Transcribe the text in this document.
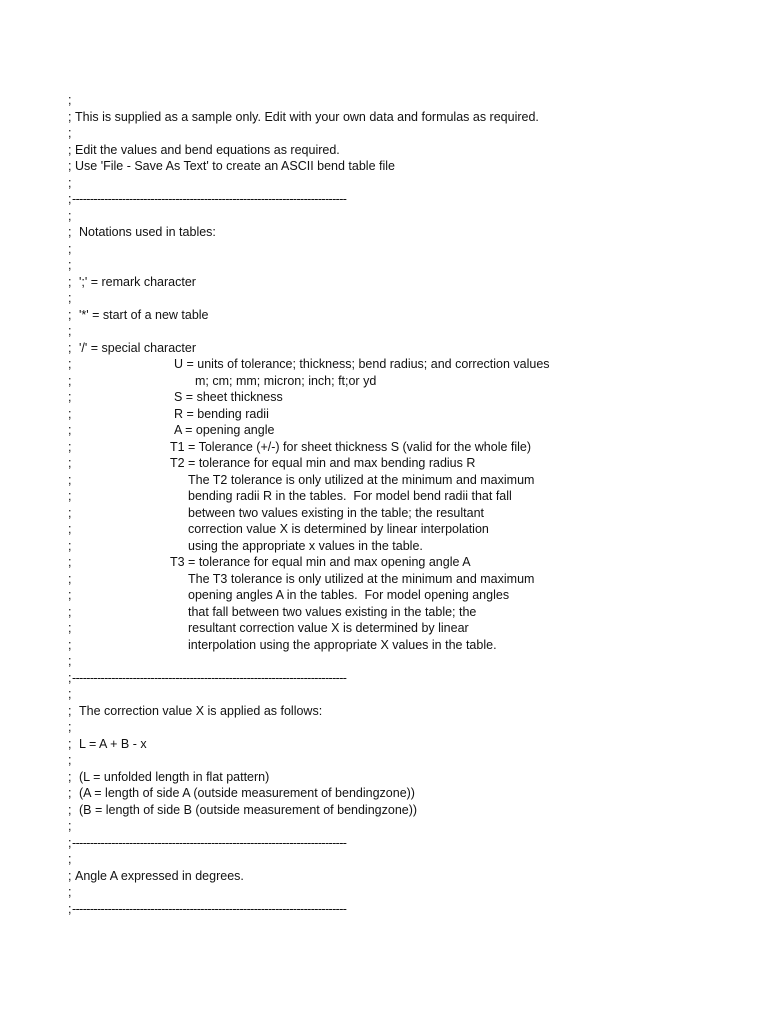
;
; This is supplied as a sample only. Edit with your own data and formulas as required.
;
; Edit the values and bend equations as required.
; Use 'File - Save As Text' to create an ASCII bend table file
;
; -----------------------------------------------------------------------------
;
; Notations used in tables:
;
;
; ';' = remark character
;
; '*' = start of a new table
;
; '/' = special character
;	U = units of tolerance; thickness; bend radius; and correction values
;	m; cm; mm; micron; inch; ft;or yd
;	S = sheet thickness
;	R = bending radii
;	A = opening angle
;	T1 = Tolerance (+/-) for sheet thickness S (valid for the whole file)
;	T2 = tolerance for equal min and max bending radius R
;	The T2 tolerance is only utilized at the minimum and maximum
;	bending radii R in the tables.  For model bend radii that fall
;	between two values existing in the table; the resultant
;	correction value X is determined by linear interpolation
;	using the appropriate x values in the table.
;	T3 = tolerance for equal min and max opening angle A
;	The T3 tolerance is only utilized at the minimum and maximum
;	opening angles A in the tables.  For model opening angles
;	that fall between two values existing in the table; the
;	resultant correction value X is determined by linear
;	interpolation using the appropriate X values in the table.
;
; -----------------------------------------------------------------------------
;
; The correction value X is applied as follows:
;
; L = A + B - x
;
; (L = unfolded length in flat pattern)
; (A = length of side A (outside measurement of bendingzone))
; (B = length of side B (outside measurement of bendingzone))
;
; -----------------------------------------------------------------------------
;
; Angle A expressed in degrees.
;
; -----------------------------------------------------------------------------
